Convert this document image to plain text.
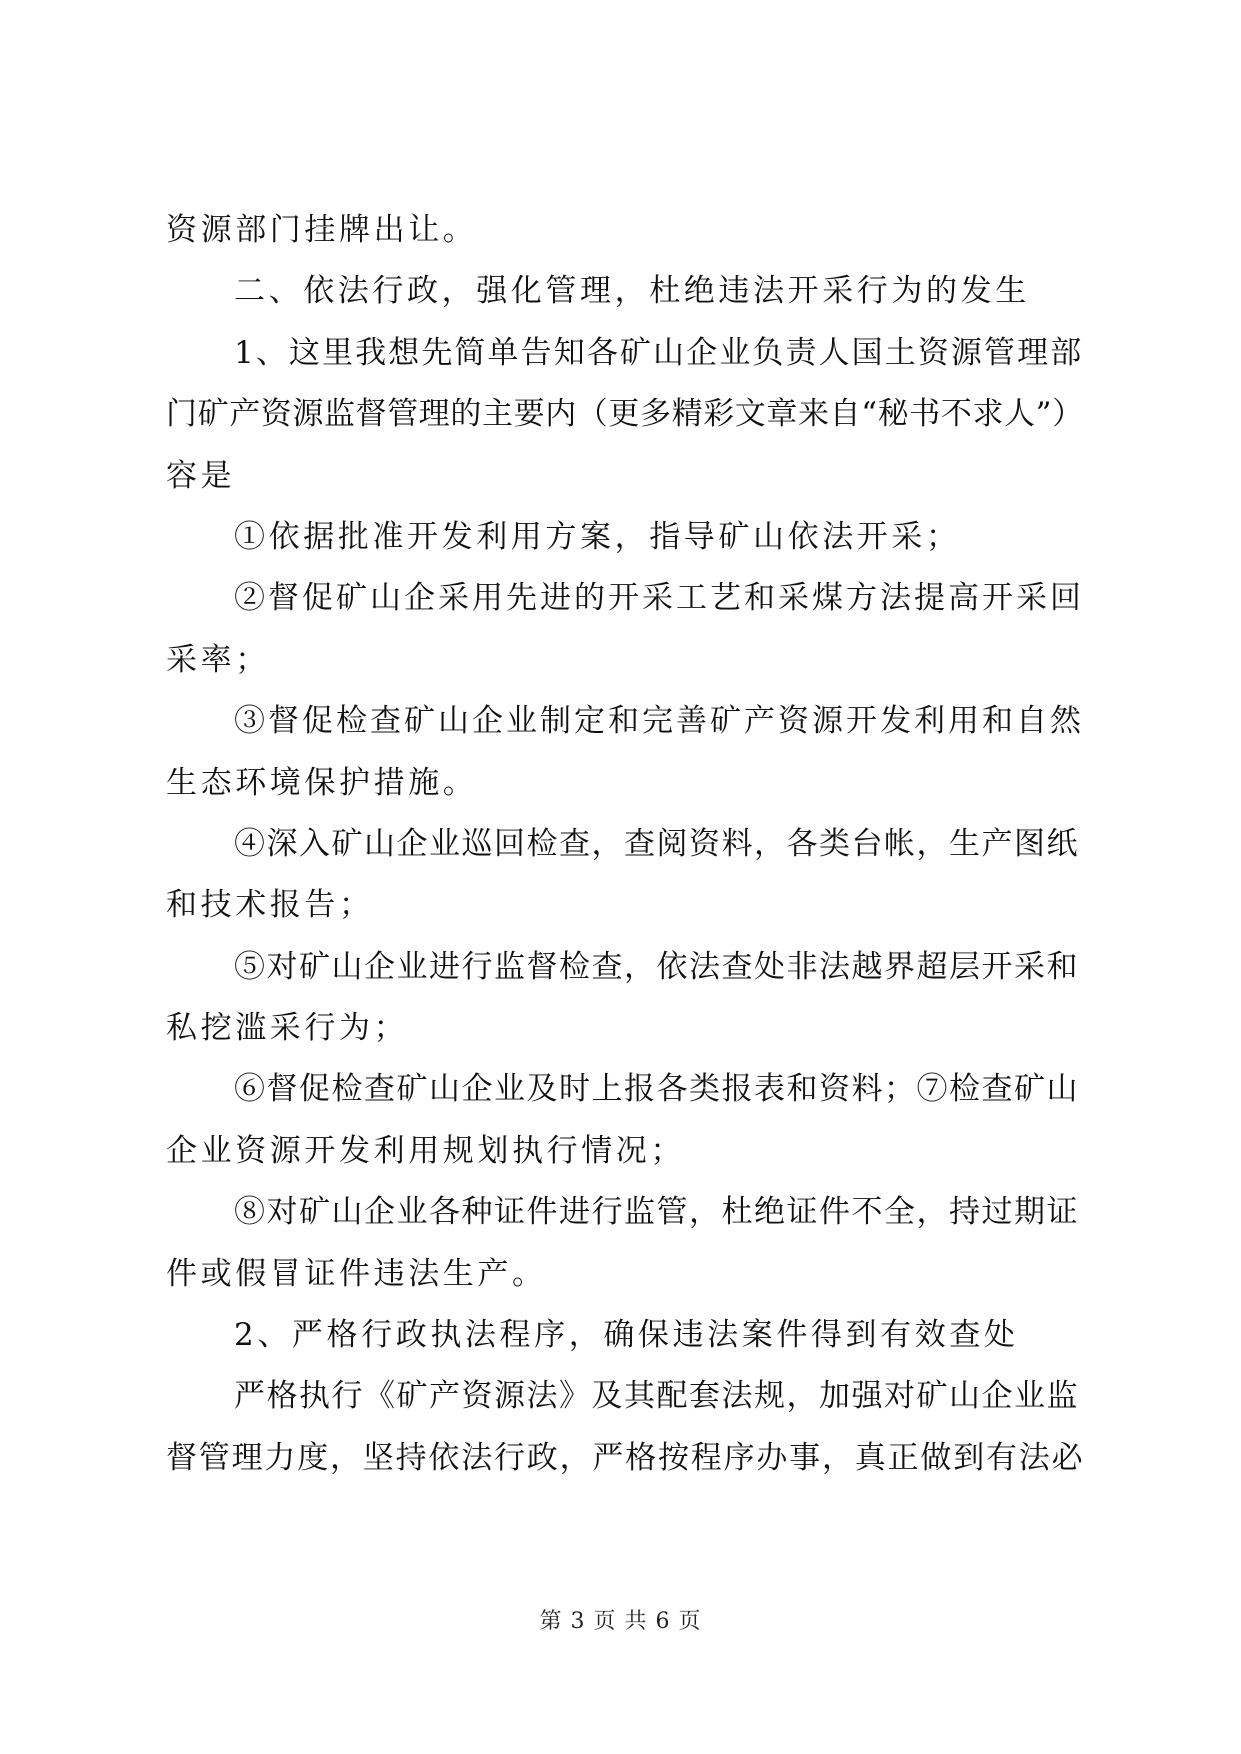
资源部门挂牌出让。
二、依法行政，强化管理，杜绝违法开采行为的发生
1、这里我想先简单告知各矿山企业负责人国土资源管理部
门矿产资源监督管理的主要内（更多精彩文章来自“秘书不求人”）
容是
①依据批准开发利用方案，指导矿山依法开采；
②督促矿山企采用先进的开采工艺和采煤方法提高开采回
采率；
③督促检查矿山企业制定和完善矿产资源开发利用和自然
生态环境保护措施。
④深入矿山企业巡回检查，查阅资料，各类台帐，生产图纸
和技术报告；
⑤对矿山企业进行监督检查，依法查处非法越界超层开采和
私挖滥采行为；
⑥督促检查矿山企业及时上报各类报表和资料；⑦检查矿山
企业资源开发利用规划执行情况；
⑧对矿山企业各种证件进行监管，杜绝证件不全，持过期证
件或假冒证件违法生产。
2、严格行政执法程序，确保违法案件得到有效查处
严格执行《矿产资源法》及其配套法规，加强对矿山企业监
督管理力度，坚持依法行政，严格按程序办事，真正做到有法必
第 3 页 共 6 页
